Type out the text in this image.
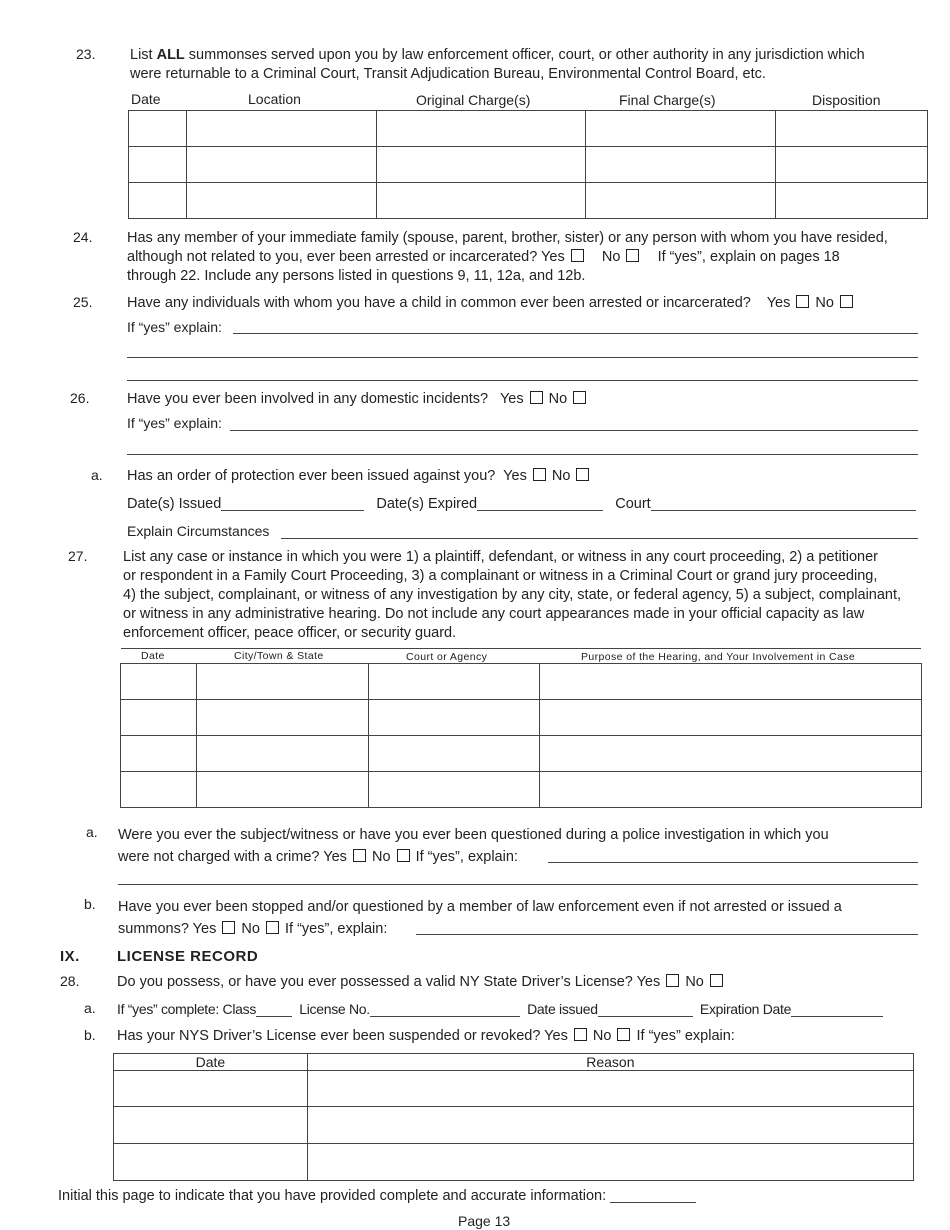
23. List ALL summonses served upon you by law enforcement officer, court, or other authority in any jurisdiction which
were returnable to a Criminal Court, Transit Adjudication Bureau, Environmental Control Board, etc.
Date	Location	Original Charge(s)	Final Charge(s)	Disposition

24. Has any member of your immediate family (spouse, parent, brother, sister) or any person with whom you have resided,
although not related to you, ever been arrested or incarcerated? Yes	No	If “yes”, explain on pages 18
through 22. Include any persons listed in questions 9, 11, 12a, and 12b.
25. Have any individuals with whom you have a child in common ever been arrested or incarcerated? Yes No
If “yes” explain:
26.	Have you ever been involved in any domestic incidents? Yes No
If “yes” explain:
a. Has an order of protection ever been issued against you? Yes No
Date(s) Issued	Date(s) Expired	Court
Explain Circumstances
27. List any case or instance in which you were 1) a plaintiff, defendant, or witness in any court proceeding, 2) a petitioner
or respondent in a Family Court Proceeding, 3) a complainant or witness in a Criminal Court or grand jury proceeding,
4) the subject, complainant, or witness of any investigation by any city, state, or federal agency, 5) a subject, complainant,
or witness in any administrative hearing. Do not include any court appearances made in your official capacity as law
enforcement officer, peace officer, or security guard.
Date	City/Town & State	Court or Agency	Purpose of the Hearing, and Your Involvement in Case

a. Were you ever the subject/witness or have you ever been questioned during a police investigation in which you
were not charged with a crime? Yes No If “yes”, explain:
b. Have you ever been stopped and/or questioned by a member of law enforcement even if not arrested or issued a
summons? Yes No If “yes”, explain:
IX. LICENSE RECORD
28.	Do you possess, or have you ever possessed a valid NY State Driver’s License? Yes No
a. If “yes” complete: Class	License No.	Date issued	Expiration Date
b. Has your NYS Driver’s License ever been suspended or revoked? Yes No If “yes” explain:
Date	Reason

Initial this page to indicate that you have provided complete and accurate information:
Page 13
